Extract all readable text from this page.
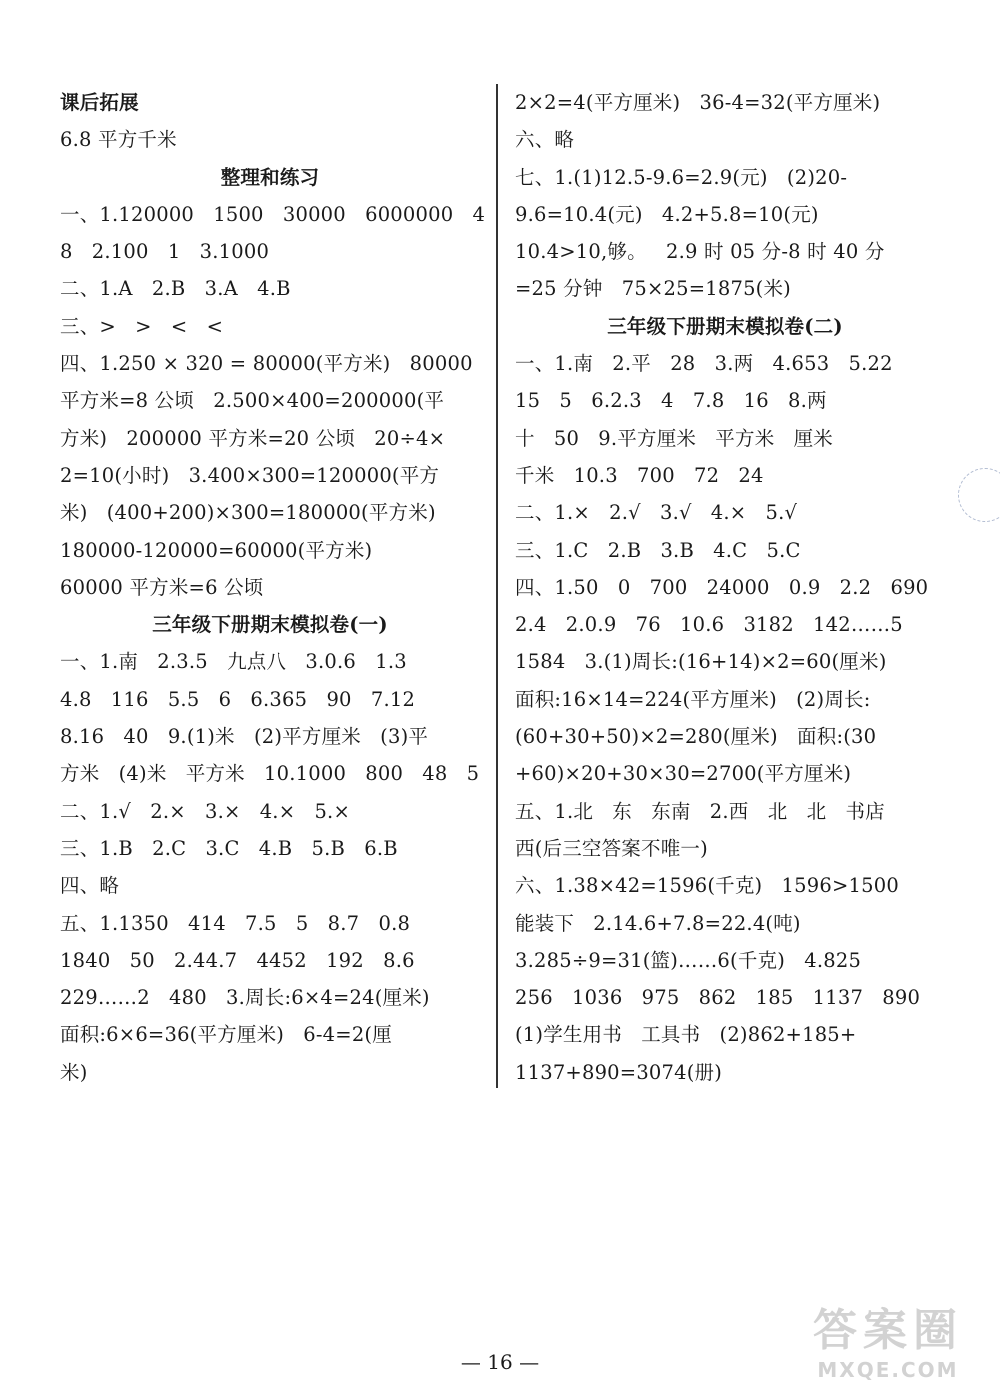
课后拓展
6.8 平方千米
整理和练习
一、1.120000   1500   30000   6000000   4
8   2.100   1   3.1000
二、1.A   2.B   3.A   4.B
三、>   >   <   <
四、1.250 × 320 = 80000(平方米)   80000
平方米=8 公顷   2.500×400=200000(平
方米)   200000 平方米=20 公顷   20÷4×
2=10(小时)   3.400×300=120000(平方
米)   (400+200)×300=180000(平方米)
180000-120000=60000(平方米)
60000 平方米=6 公顷
三年级下册期末模拟卷(一)
一、1.南   2.3.5   九点八   3.0.6   1.3
4.8   116   5.5   6   6.365   90   7.12
8.16   40   9.(1)米   (2)平方厘米   (3)平
方米   (4)米   平方米   10.1000   800   48   5
二、1.√   2.×   3.×   4.×   5.×
三、1.B   2.C   3.C   4.B   5.B   6.B
四、略
五、1.1350   414   7.5   5   8.7   0.8
1840   50   2.44.7   4452   192   8.6
229……2   480   3.周长:6×4=24(厘米)
面积:6×6=36(平方厘米)   6-4=2(厘
米)
2×2=4(平方厘米)   36-4=32(平方厘米)
六、略
七、1.(1)12.5-9.6=2.9(元)   (2)20-
9.6=10.4(元)   4.2+5.8=10(元)
10.4>10,够。   2.9 时 05 分-8 时 40 分
=25 分钟   75×25=1875(米)
三年级下册期末模拟卷(二)
一、1.南   2.平   28   3.两   4.653   5.22
15   5   6.2.3   4   7.8   16   8.两
十   50   9.平方厘米   平方米   厘米
千米   10.3   700   72   24
二、1.×   2.√   3.√   4.×   5.√
三、1.C   2.B   3.B   4.C   5.C
四、1.50   0   700   24000   0.9   2.2   690
2.4   2.0.9   76   10.6   3182   142……5
1584   3.(1)周长:(16+14)×2=60(厘米)
面积:16×14=224(平方厘米)   (2)周长:
(60+30+50)×2=280(厘米)   面积:(30
+60)×20+30×30=2700(平方厘米)
五、1.北   东   东南   2.西   北   北   书店
西(后三空答案不唯一)
六、1.38×42=1596(千克)   1596>1500
能装下   2.14.6+7.8=22.4(吨)
3.285÷9=31(篮)……6(千克)   4.825
256   1036   975   862   185   1137   890
(1)学生用书   工具书   (2)862+185+
1137+890=3074(册)
— 16 —
答案圈
MXQE.COM
